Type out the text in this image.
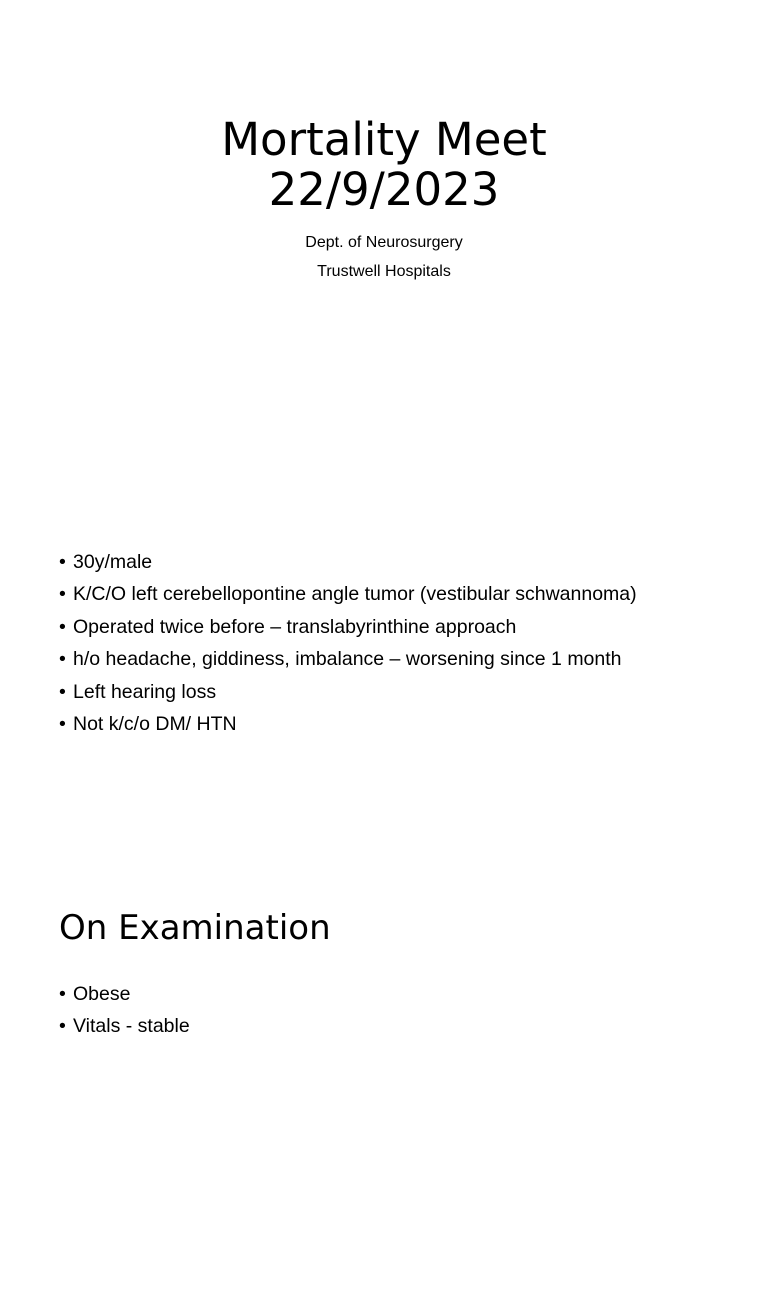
Mortality Meet
22/9/2023
Dept. of Neurosurgery
Trustwell Hospitals
• 30y/male
• K/C/O left cerebellopontine angle tumor (vestibular schwannoma)
• Operated twice before – translabyrinthine approach
• h/o headache, giddiness, imbalance – worsening since 1 month
• Left hearing loss
• Not k/c/o DM/ HTN
On Examination
• Obese
• Vitals - stable
